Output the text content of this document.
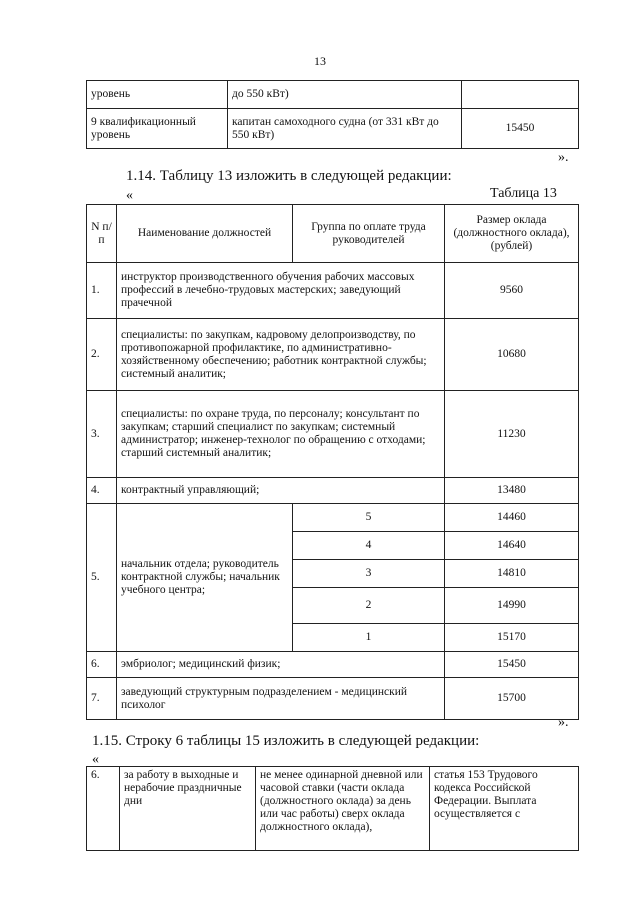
13
уровень	до 550 кВт)	
9 квалификационный уровень	капитан самоходного судна (от 331 кВт до 550 кВт)	15450
».
1.14. Таблицу 13 изложить в следующей редакции:
«	Таблица 13
N п/п	Наименование должностей	Группа по оплате труда руководителей	Размер оклада (должностного оклада), (рублей)
1.	инструктор производственного обучения рабочих массовых профессий в лечебно-трудовых мастерских; заведующий прачечной		9560
2.	специалисты: по закупкам, кадровому делопроизводству, по противопожарной профилактике, по административно-хозяйственному обеспечению; работник контрактной службы; системный аналитик;		10680
3.	специалисты: по охране труда, по персоналу; консультант по закупкам; старший специалист по закупкам; системный администратор; инженер-технолог по обращению с отходами; старший системный аналитик;		11230
4.	контрактный управляющий;		13480
5.	начальник отдела; руководитель контрактной службы; начальник учебного центра;	5	14460
		4	14640
		3	14810
		2	14990
		1	15170
6.	эмбриолог; медицинский физик;		15450
7.	заведующий структурным подразделением - медицинский психолог		15700
».
1.15. Строку 6 таблицы 15 изложить в следующей редакции:
«
6.	за работу в выходные и нерабочие праздничные дни	не менее одинарной дневной или часовой ставки (части оклада (должностного оклада) за день или час работы) сверх оклада должностного оклада),	статья 153 Трудового кодекса Российской Федерации. Выплата осуществляется с
